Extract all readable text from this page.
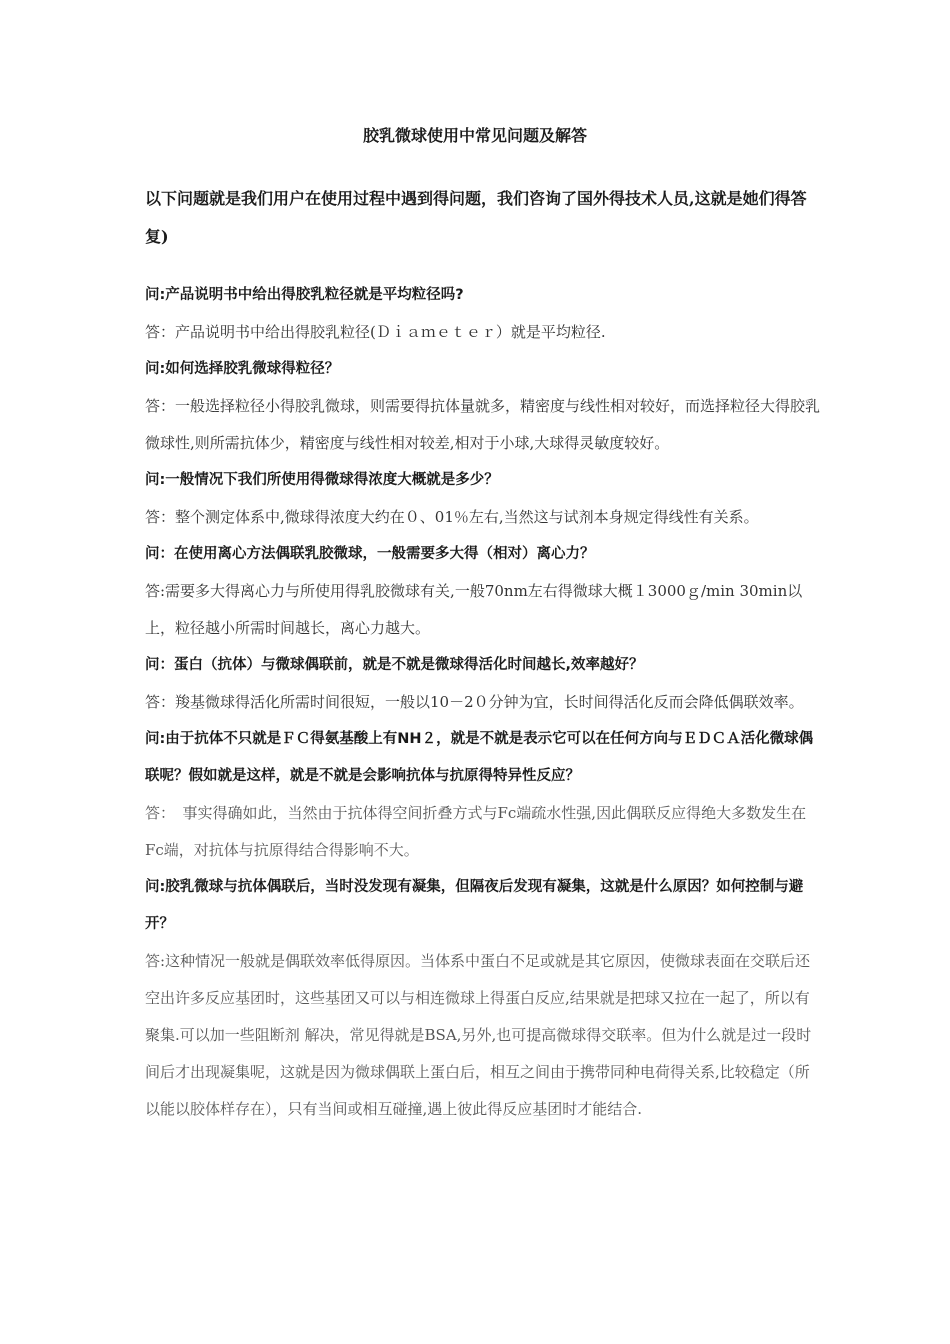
胶乳微球使用中常见问题及解答
以下问题就是我们用户在使用过程中遇到得问题，我们咨询了国外得技术人员,这就是她们得答复)

问:产品说明书中给出得胶乳粒径就是平均粒径吗?

答：产品说明书中给出得胶乳粒径(Ｄｉａｍｅｔｅｒ）就是平均粒径.

问:如何选择胶乳微球得粒径？

答：一般选择粒径小得胶乳微球，则需要得抗体量就多，精密度与线性相对较好，而选择粒径大得胶乳微球性,则所需抗体少，精密度与线性相对较差,相对于小球,大球得灵敏度较好。

问:一般情况下我们所使用得微球得浓度大概就是多少？

答：整个测定体系中,微球得浓度大约在０、01％左右,当然这与试剂本身规定得线性有关系。

问：在使用离心方法偶联乳胶微球，一般需要多大得（相对）离心力？

答:需要多大得离心力与所使用得乳胶微球有关,一般70nm左右得微球大概１3000ｇ/min 30min以上，粒径越小所需时间越长，离心力越大。

问：蛋白（抗体）与微球偶联前，就是不就是微球得活化时间越长,效率越好？

答：羧基微球得活化所需时间很短，一般以10－2０分钟为宜，长时间得活化反而会降低偶联效率。

问:由于抗体不只就是ＦＣ得氨基酸上有NH２，就是不就是表示它可以在任何方向与ＥＤＣＡ活化微球偶联呢？假如就是这样，就是不就是会影响抗体与抗原得特异性反应？

答：　事实得确如此，当然由于抗体得空间折叠方式与Fc端疏水性强,因此偶联反应得绝大多数发生在Fc端，对抗体与抗原得结合得影响不大。

问:胶乳微球与抗体偶联后，当时没发现有凝集，但隔夜后发现有凝集，这就是什么原因？如何控制与避开？

答:这种情况一般就是偶联效率低得原因。当体系中蛋白不足或就是其它原因，使微球表面在交联后还空出许多反应基团时，这些基团又可以与相连微球上得蛋白反应,结果就是把球又拉在一起了，所以有聚集.可以加一些阻断剂 解决，常见得就是BSA,另外,也可提高微球得交联率。但为什么就是过一段时间后才出现凝集呢，这就是因为微球偶联上蛋白后，相互之间由于携带同种电荷得关系,比较稳定（所以能以胶体样存在），只有当间或相互碰撞,遇上彼此得反应基团时才能结合.
